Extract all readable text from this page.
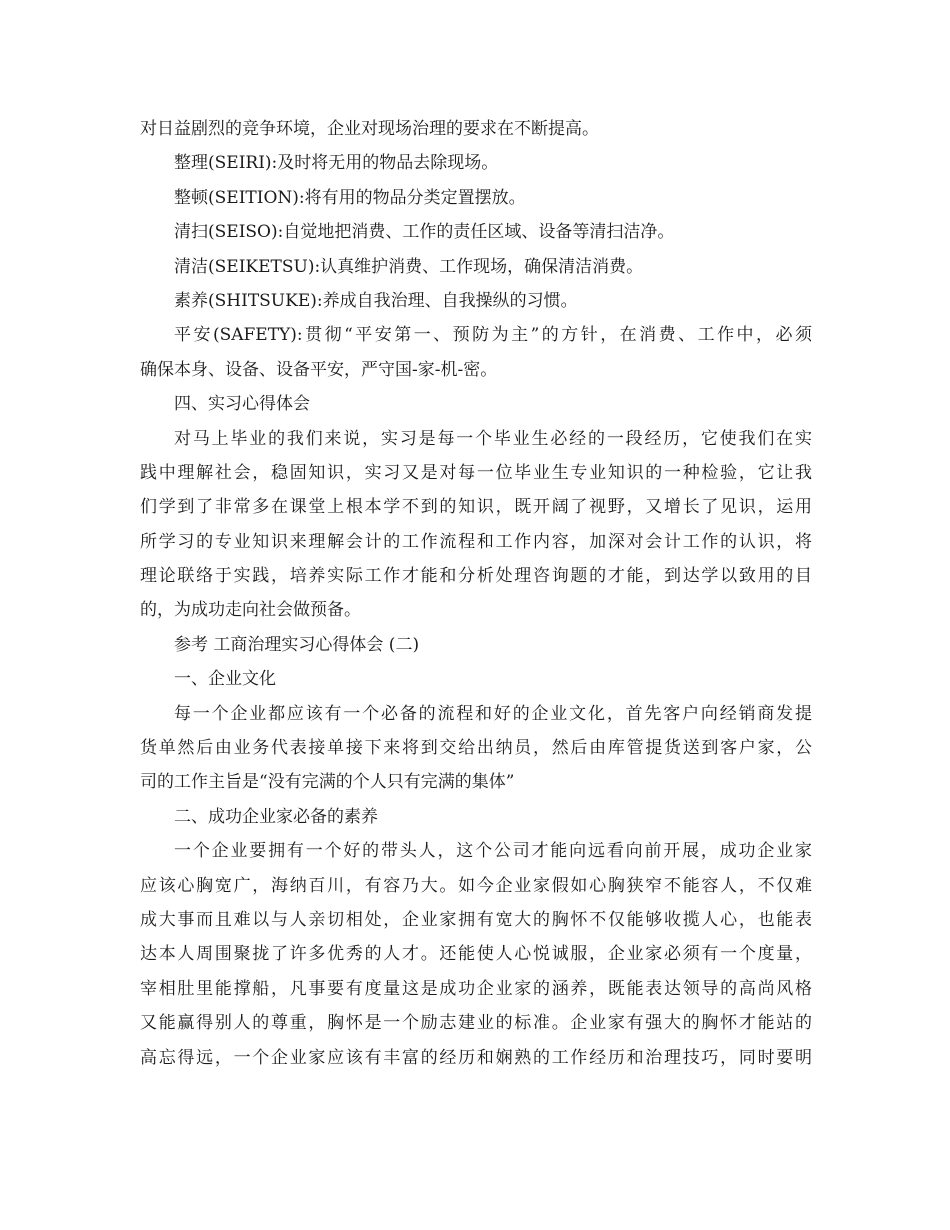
对日益剧烈的竞争环境，企业对现场治理的要求在不断提高。
整理(SEIRI):及时将无用的物品去除现场。
整顿(SEITION):将有用的物品分类定置摆放。
清扫(SEISO):自觉地把消费、工作的责任区域、设备等清扫洁净。
清洁(SEIKETSU):认真维护消费、工作现场，确保清洁消费。
素养(SHITSUKE):养成自我治理、自我操纵的习惯。
平安(SAFETY):贯彻“平安第一、预防为主”的方针，在消费、工作中，必须
确保本身、设备、设备平安，严守国-家-机-密。
四、实习心得体会
对马上毕业的我们来说，实习是每一个毕业生必经的一段经历，它使我们在实
践中理解社会，稳固知识，实习又是对每一位毕业生专业知识的一种检验，它让我
们学到了非常多在课堂上根本学不到的知识，既开阔了视野，又增长了见识，运用
所学习的专业知识来理解会计的工作流程和工作内容，加深对会计工作的认识，将
理论联络于实践，培养实际工作才能和分析处理咨询题的才能，到达学以致用的目
的，为成功走向社会做预备。
参考 工商治理实习心得体会 (二)
一、企业文化
每一个企业都应该有一个必备的流程和好的企业文化，首先客户向经销商发提
货单然后由业务代表接单接下来将到交给出纳员，然后由库管提货送到客户家，公
司的工作主旨是“没有完满的个人只有完满的集体”
二、成功企业家必备的素养
一个企业要拥有一个好的带头人，这个公司才能向远看向前开展，成功企业家
应该心胸宽广，海纳百川，有容乃大。如今企业家假如心胸狭窄不能容人，不仅难
成大事而且难以与人亲切相处，企业家拥有宽大的胸怀不仅能够收揽人心，也能表
达本人周围聚拢了许多优秀的人才。还能使人心悦诚服，企业家必须有一个度量，
宰相肚里能撑船，凡事要有度量这是成功企业家的涵养，既能表达领导的高尚风格
又能赢得别人的尊重，胸怀是一个励志建业的标准。企业家有强大的胸怀才能站的
高忘得远，一个企业家应该有丰富的经历和娴熟的工作经历和治理技巧，同时要明
